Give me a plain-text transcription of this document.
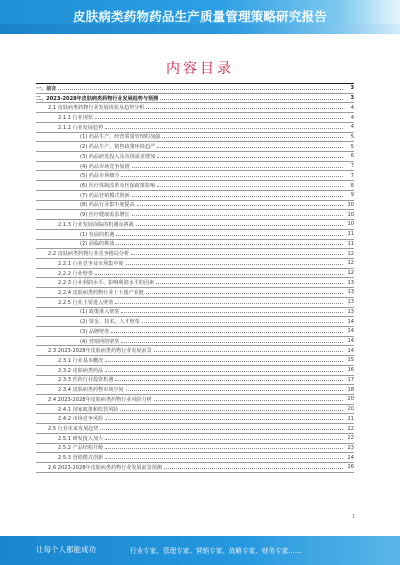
皮肤病类药物药品生产质量管理策略研究报告
内容目录
一、前言	3
二、2023-2028年皮肤病类药物行业发展趋势与预测	3
2.1 皮肤病类药物行业发展现状及趋势分析	4
2.1.1 行业现状	4
2.1.2 行业发展趋势	4
(1) 药品生产、经营质量管理的加强	5
(2) 药品生产、销售政策环境趋严	5
(3) 药品研发投入及市场需求增加	6
(4) 药品市场竞争加剧	7
(5) 药品市场细分	7
(6) 医疗体制改革及医保政策影响	8
(7) 药品营销模式创新	9
(8) 药品行业集中度提高	10
(9) 医疗健康需求增长	10
2.1.3 行业发展面临的机遇及挑战	10
(1) 发展的机遇	11
(2) 面临的挑战	11
2.2 皮肤病类药物行业竞争格局分析	12
2.2.1 行业竞争及市场集中度	12
2.2.2 行业壁垒	12
2.2.3 行业利润水平、影响利润水平的因素	13
2.2.4 皮肤病类药物行业上下游产业链	13
2.2.5 行业主要进入壁垒	13
(1) 政策准入壁垒	13
(2) 资金、技术、人才壁垒	14
(3) 品牌壁垒	14
(4) 营销网络壁垒	14
2.3 2023-2028年皮肤病类药物行业发展前景	14
2.3.1 行业基本概况	15
2.3.2 皮肤病类药品	16
2.3.3 医药行业投资机遇	17
2.3.4 皮肤病类药物市场空间	18
2.4 2023-2028年皮肤病类药物行业风险分析	20
2.4.1 国家政策和监管风险	20
2.4.2 市场竞争风险	21
2.5 行业未来发展趋势	22
2.5.1 研发投入加大	22
2.5.2 产品结构升级	23
2.5.3 营销模式创新	24
2.6 2023-2028年皮肤病类药物行业发展前景预测	26
1
让每个人都能成功	行业专家、管理专家、营销专家、战略专家、财务专家……
